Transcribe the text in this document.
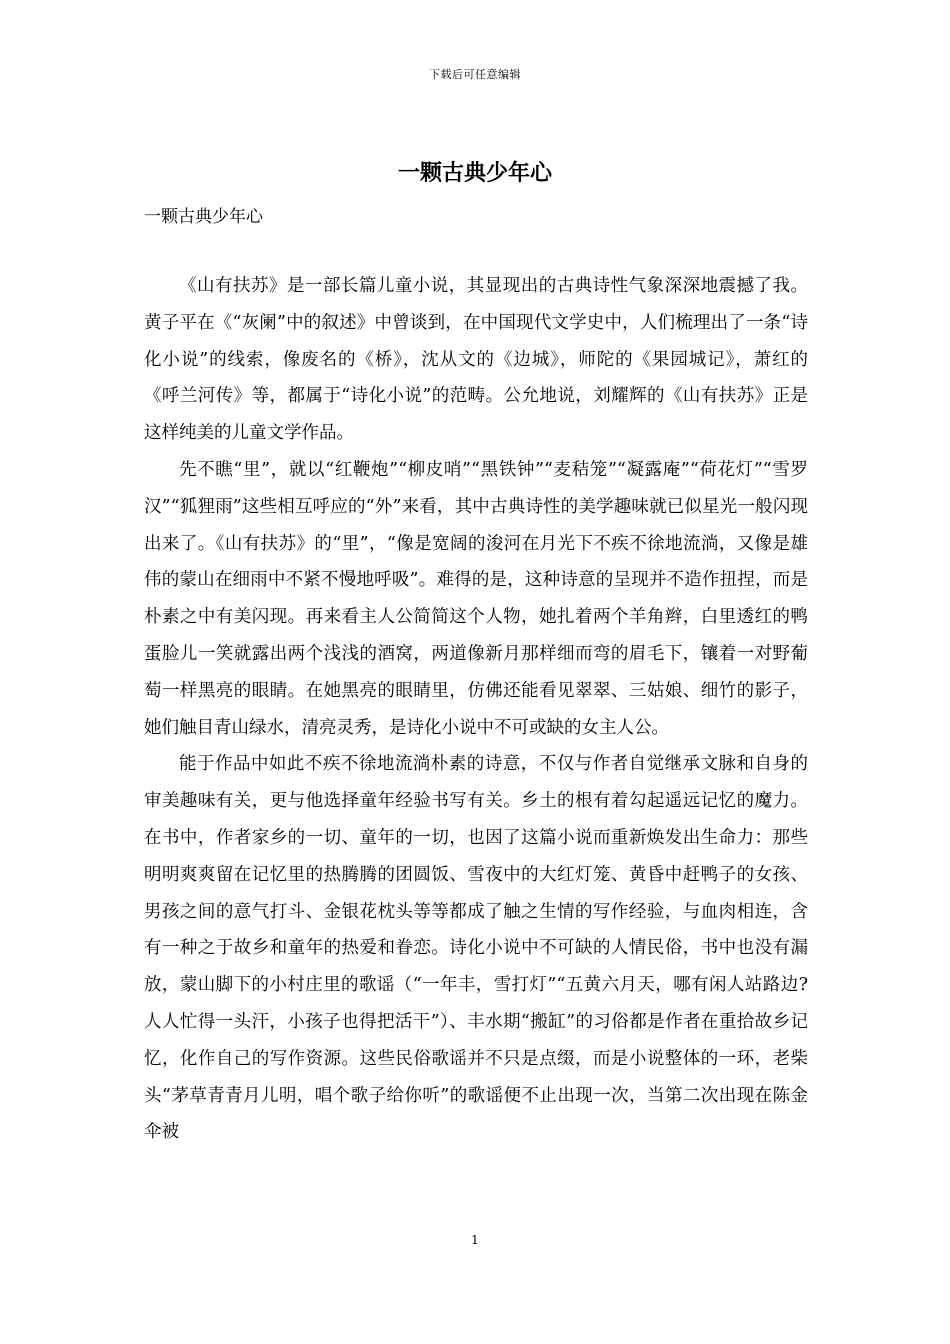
下载后可任意编辑
一颗古典少年心

一颗古典少年心

《山有扶苏》是一部长篇儿童小说，其显现出的古典诗性气象深深地震撼了我。黄子平在《“灰阑”中的叙述》中曾谈到，在中国现代文学史中，人们梳理出了一条“诗化小说”的线索，像废名的《桥》，沈从文的《边城》，师陀的《果园城记》，萧红的《呼兰河传》等，都属于“诗化小说”的范畴。公允地说，刘耀辉的《山有扶苏》正是这样纯美的儿童文学作品。

先不瞧“里”，就以“红鞭炮”“柳皮哨”“黑铁钟”“麦秸笼”“凝露庵”“荷花灯”“雪罗汉”“狐狸雨”这些相互呼应的“外”来看，其中古典诗性的美学趣味就已似星光一般闪现出来了。《山有扶苏》的“里”，“像是宽阔的浚河在月光下不疾不徐地流淌，又像是雄伟的蒙山在细雨中不紧不慢地呼吸”。难得的是，这种诗意的呈现并不造作扭捏，而是朴素之中有美闪现。再来看主人公简简这个人物，她扎着两个羊角辫，白里透红的鸭蛋脸儿一笑就露出两个浅浅的酒窝，两道像新月那样细而弯的眉毛下，镶着一对野葡萄一样黑亮的眼睛。在她黑亮的眼睛里，仿佛还能看见翠翠、三姑娘、细竹的影子，她们触目青山绿水，清亮灵秀，是诗化小说中不可或缺的女主人公。

能于作品中如此不疾不徐地流淌朴素的诗意，不仅与作者自觉继承文脉和自身的审美趣味有关，更与他选择童年经验书写有关。乡土的根有着勾起遥远记忆的魔力。在书中，作者家乡的一切、童年的一切，也因了这篇小说而重新焕发出生命力：那些明明爽爽留在记忆里的热腾腾的团圆饭、雪夜中的大红灯笼、黄昏中赶鸭子的女孩、男孩之间的意气打斗、金银花枕头等等都成了触之生情的写作经验，与血肉相连，含有一种之于故乡和童年的热爱和眷恋。诗化小说中不可缺的人情民俗，书中也没有漏放，蒙山脚下的小村庄里的歌谣（“一年丰，雪打灯”“五黄六月天，哪有闲人站路边?人人忙得一头汗，小孩子也得把活干”）、丰水期“搬缸”的习俗都是作者在重拾故乡记忆，化作自己的写作资源。这些民俗歌谣并不只是点缀，而是小说整体的一环，老柴头“茅草青青月儿明，唱个歌子给你听”的歌谣便不止出现一次，当第二次出现在陈金伞被

1
